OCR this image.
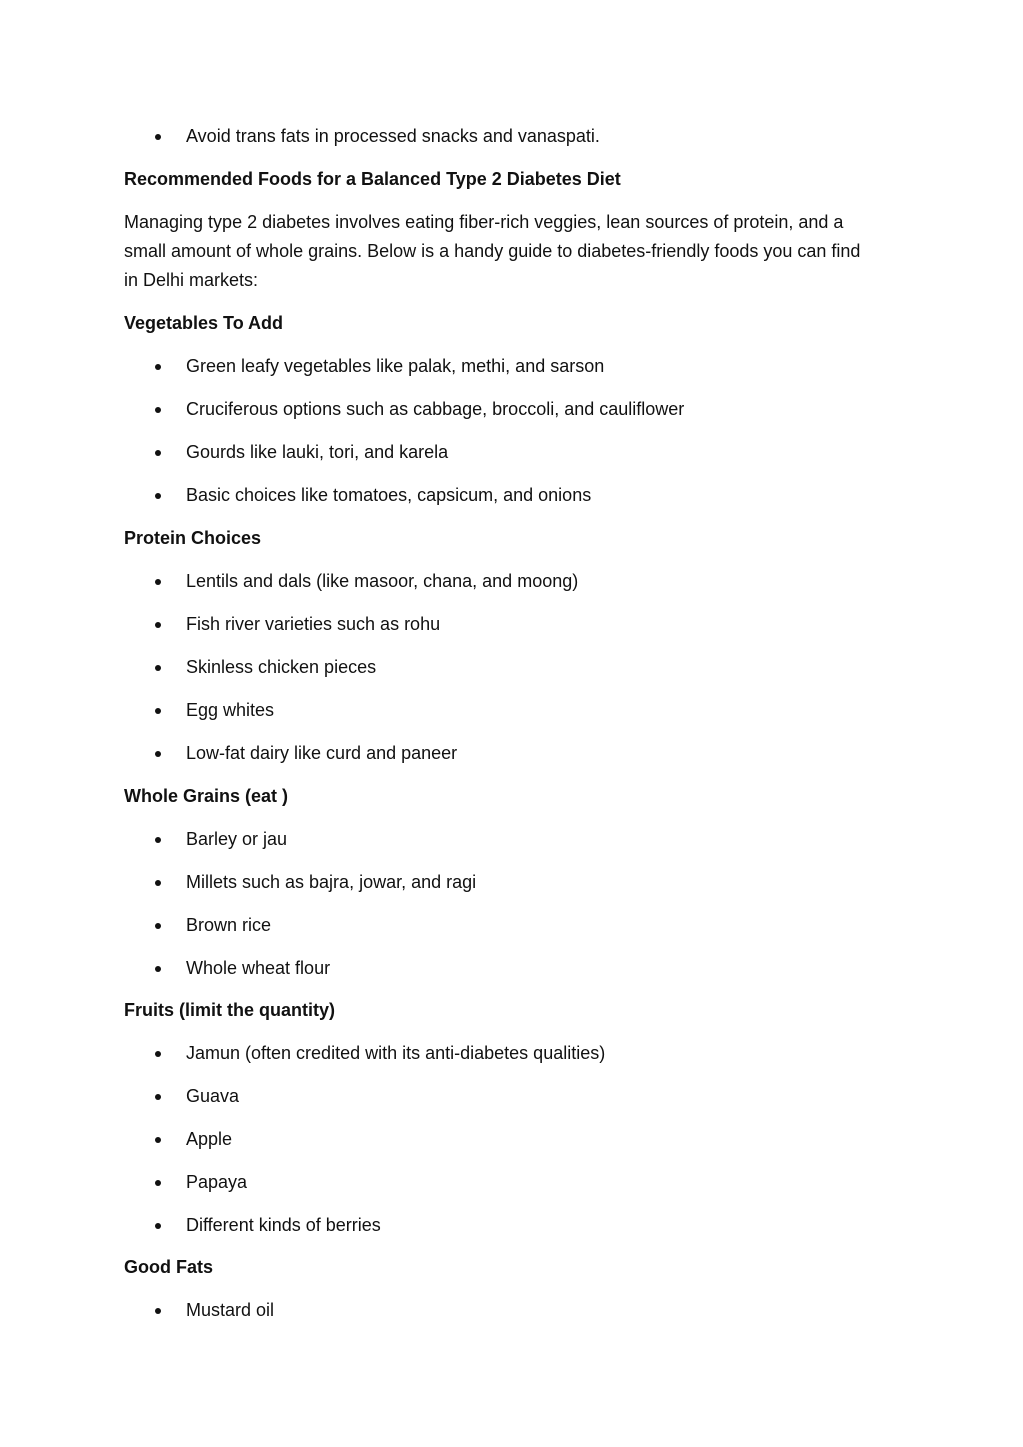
Avoid trans fats in processed snacks and vanaspati.
Recommended Foods for a Balanced Type 2 Diabetes Diet
Managing type 2 diabetes involves eating fiber-rich veggies, lean sources of protein, and a
small amount of whole grains. Below is a handy guide to diabetes-friendly foods you can find
in Delhi markets:
Vegetables To Add
Green leafy vegetables like palak, methi, and sarson
Cruciferous options such as cabbage, broccoli, and cauliflower
Gourds like lauki, tori, and karela
Basic choices like tomatoes, capsicum, and onions
Protein Choices
Lentils and dals (like masoor, chana, and moong)
Fish river varieties such as rohu
Skinless chicken pieces
Egg whites
Low-fat dairy like curd and paneer
Whole Grains (eat )
Barley or jau
Millets such as bajra, jowar, and ragi
Brown rice
Whole wheat flour
Fruits (limit the quantity)
Jamun (often credited with its anti-diabetes qualities)
Guava
Apple
Papaya
Different kinds of berries
Good Fats
Mustard oil
